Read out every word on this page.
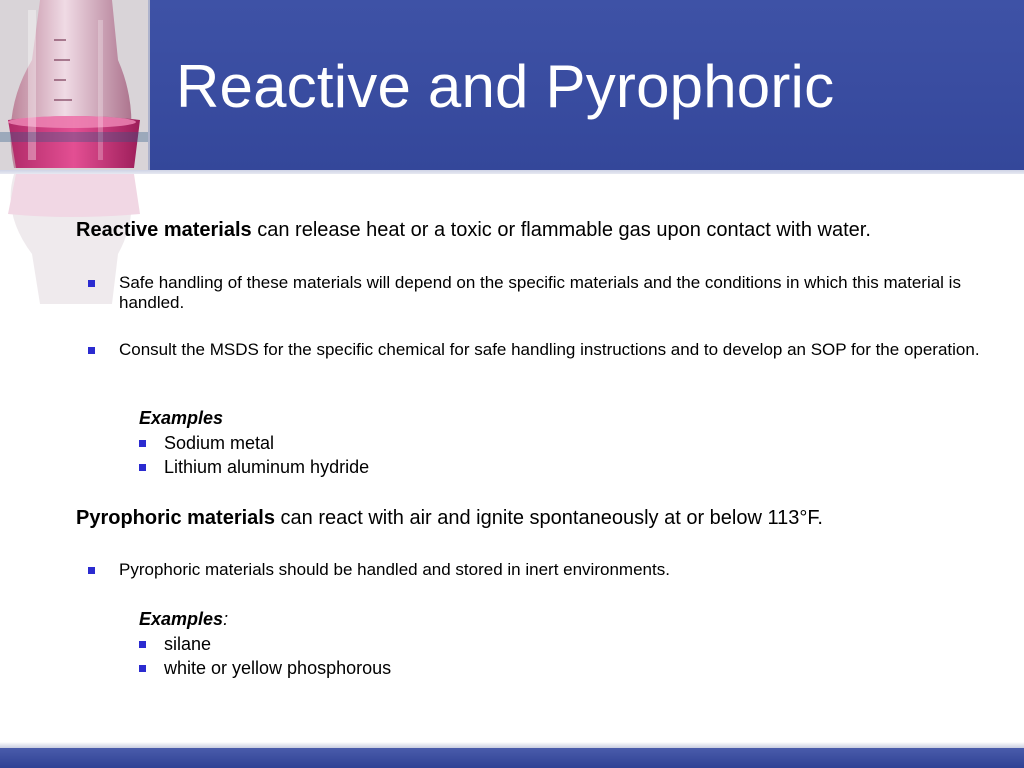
Reactive and Pyrophoric
Reactive materials can release heat or a toxic or flammable gas upon contact with water.
Safe handling of these materials will depend on the specific materials and the conditions in which this material is handled.
Consult the MSDS for the specific chemical for safe handling instructions and to develop an SOP for the operation.
Examples
Sodium metal
Lithium aluminum hydride
Pyrophoric materials can react with air and ignite spontaneously at or below 113°F.
Pyrophoric materials should be handled and stored in inert environments.
Examples:
silane
white or yellow phosphorous
